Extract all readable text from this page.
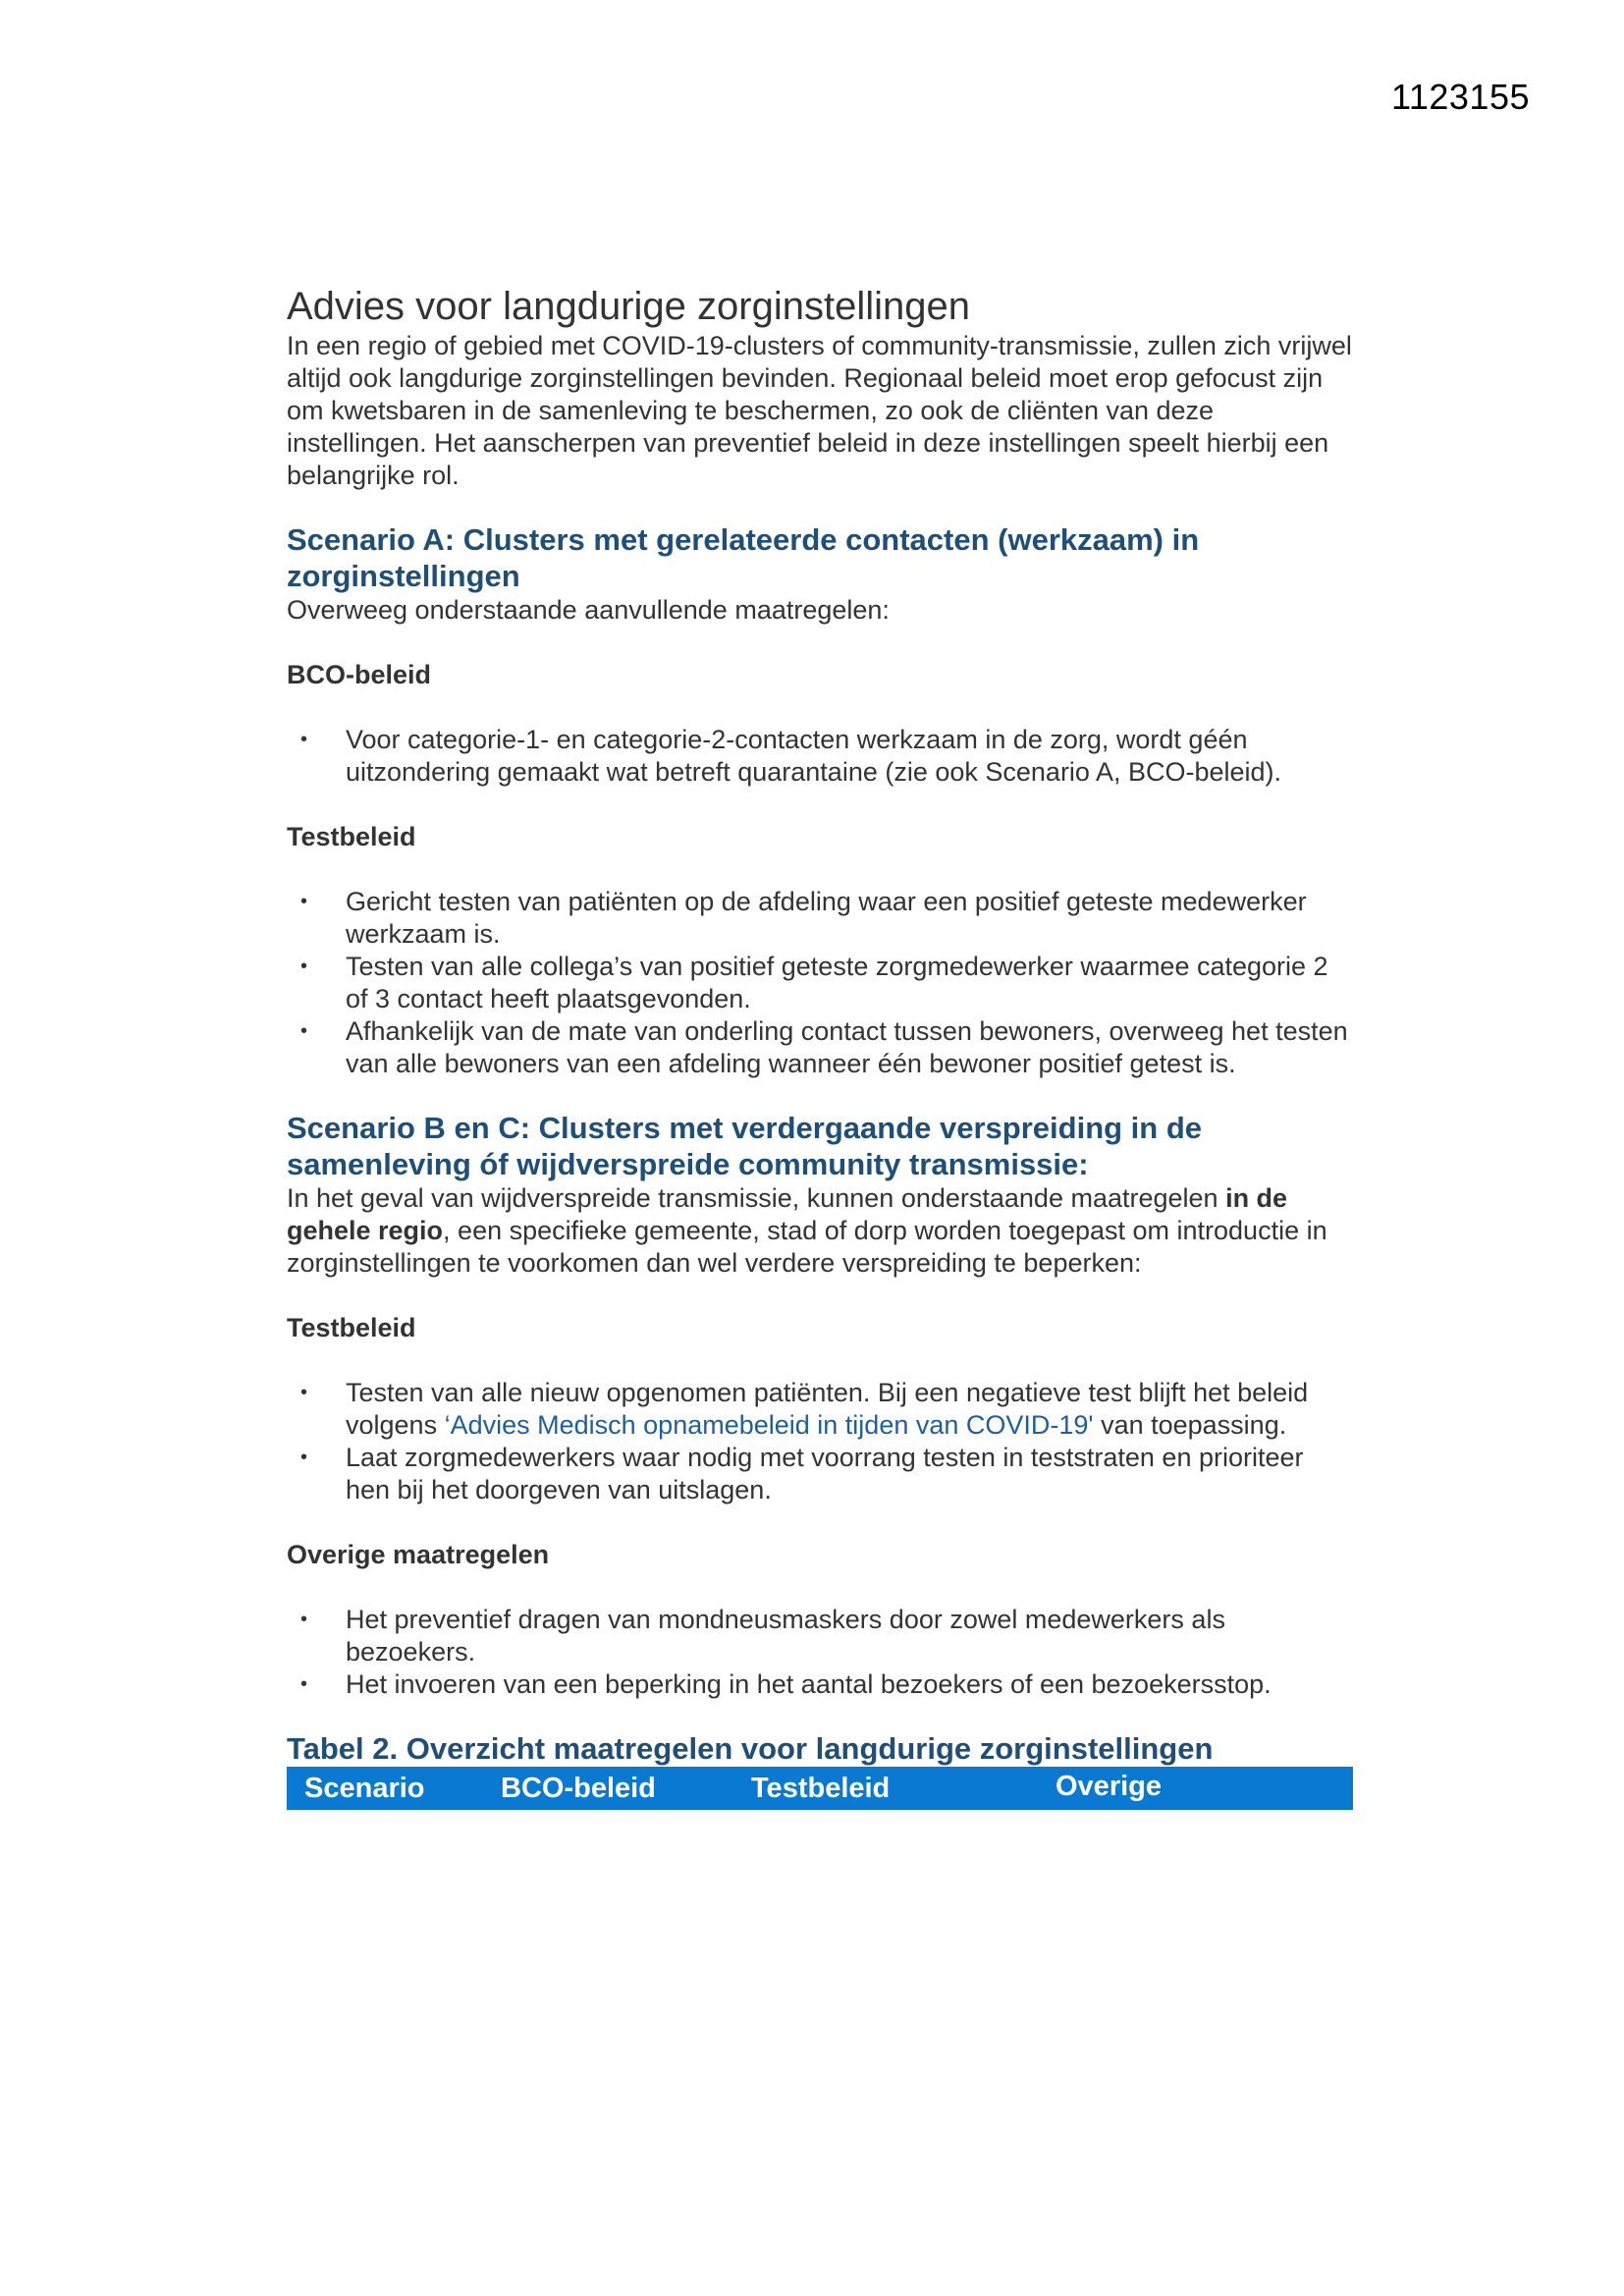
1123155
Advies voor langdurige zorginstellingen

In een regio of gebied met COVID-19-clusters of community-transmissie, zullen zich vrijwel altijd ook langdurige zorginstellingen bevinden. Regionaal beleid moet erop gefocust zijn om kwetsbaren in de samenleving te beschermen, zo ook de cliënten van deze instellingen. Het aanscherpen van preventief beleid in deze instellingen speelt hierbij een belangrijke rol.

Scenario A: Clusters met gerelateerde contacten (werkzaam) in zorginstellingen

Overweeg onderstaande aanvullende maatregelen:

BCO-beleid
• Voor categorie-1- en categorie-2-contacten werkzaam in de zorg, wordt géén uitzondering gemaakt wat betreft quarantaine (zie ook Scenario A, BCO-beleid).
Testbeleid
• Gericht testen van patiënten op de afdeling waar een positief geteste medewerker werkzaam is.
• Testen van alle collega’s van positief geteste zorgmedewerker waarmee categorie 2 of 3 contact heeft plaatsgevonden.
• Afhankelijk van de mate van onderling contact tussen bewoners, overweeg het testen van alle bewoners van een afdeling wanneer één bewoner positief getest is.
Scenario B en C: Clusters met verdergaande verspreiding in de samenleving óf wijdverspreide community transmissie:

In het geval van wijdverspreide transmissie, kunnen onderstaande maatregelen in de gehele regio, een specifieke gemeente, stad of dorp worden toegepast om introductie in zorginstellingen te voorkomen dan wel verdere verspreiding te beperken:

Testbeleid
• Testen van alle nieuw opgenomen patiënten. Bij een negatieve test blijft het beleid volgens ‘Advies Medisch opnamebeleid in tijden van COVID-19' van toepassing.
• Laat zorgmedewerkers waar nodig met voorrang testen in teststraten en prioriteer hen bij het doorgeven van uitslagen.
Overige maatregelen
• Het preventief dragen van mondneusmaskers door zowel medewerkers als bezoekers.
• Het invoeren van een beperking in het aantal bezoekers of een bezoekersstop.
Tabel 2. Overzicht maatregelen voor langdurige zorginstellingen
Scenario	BCO-beleid	Testbeleid	Overige
